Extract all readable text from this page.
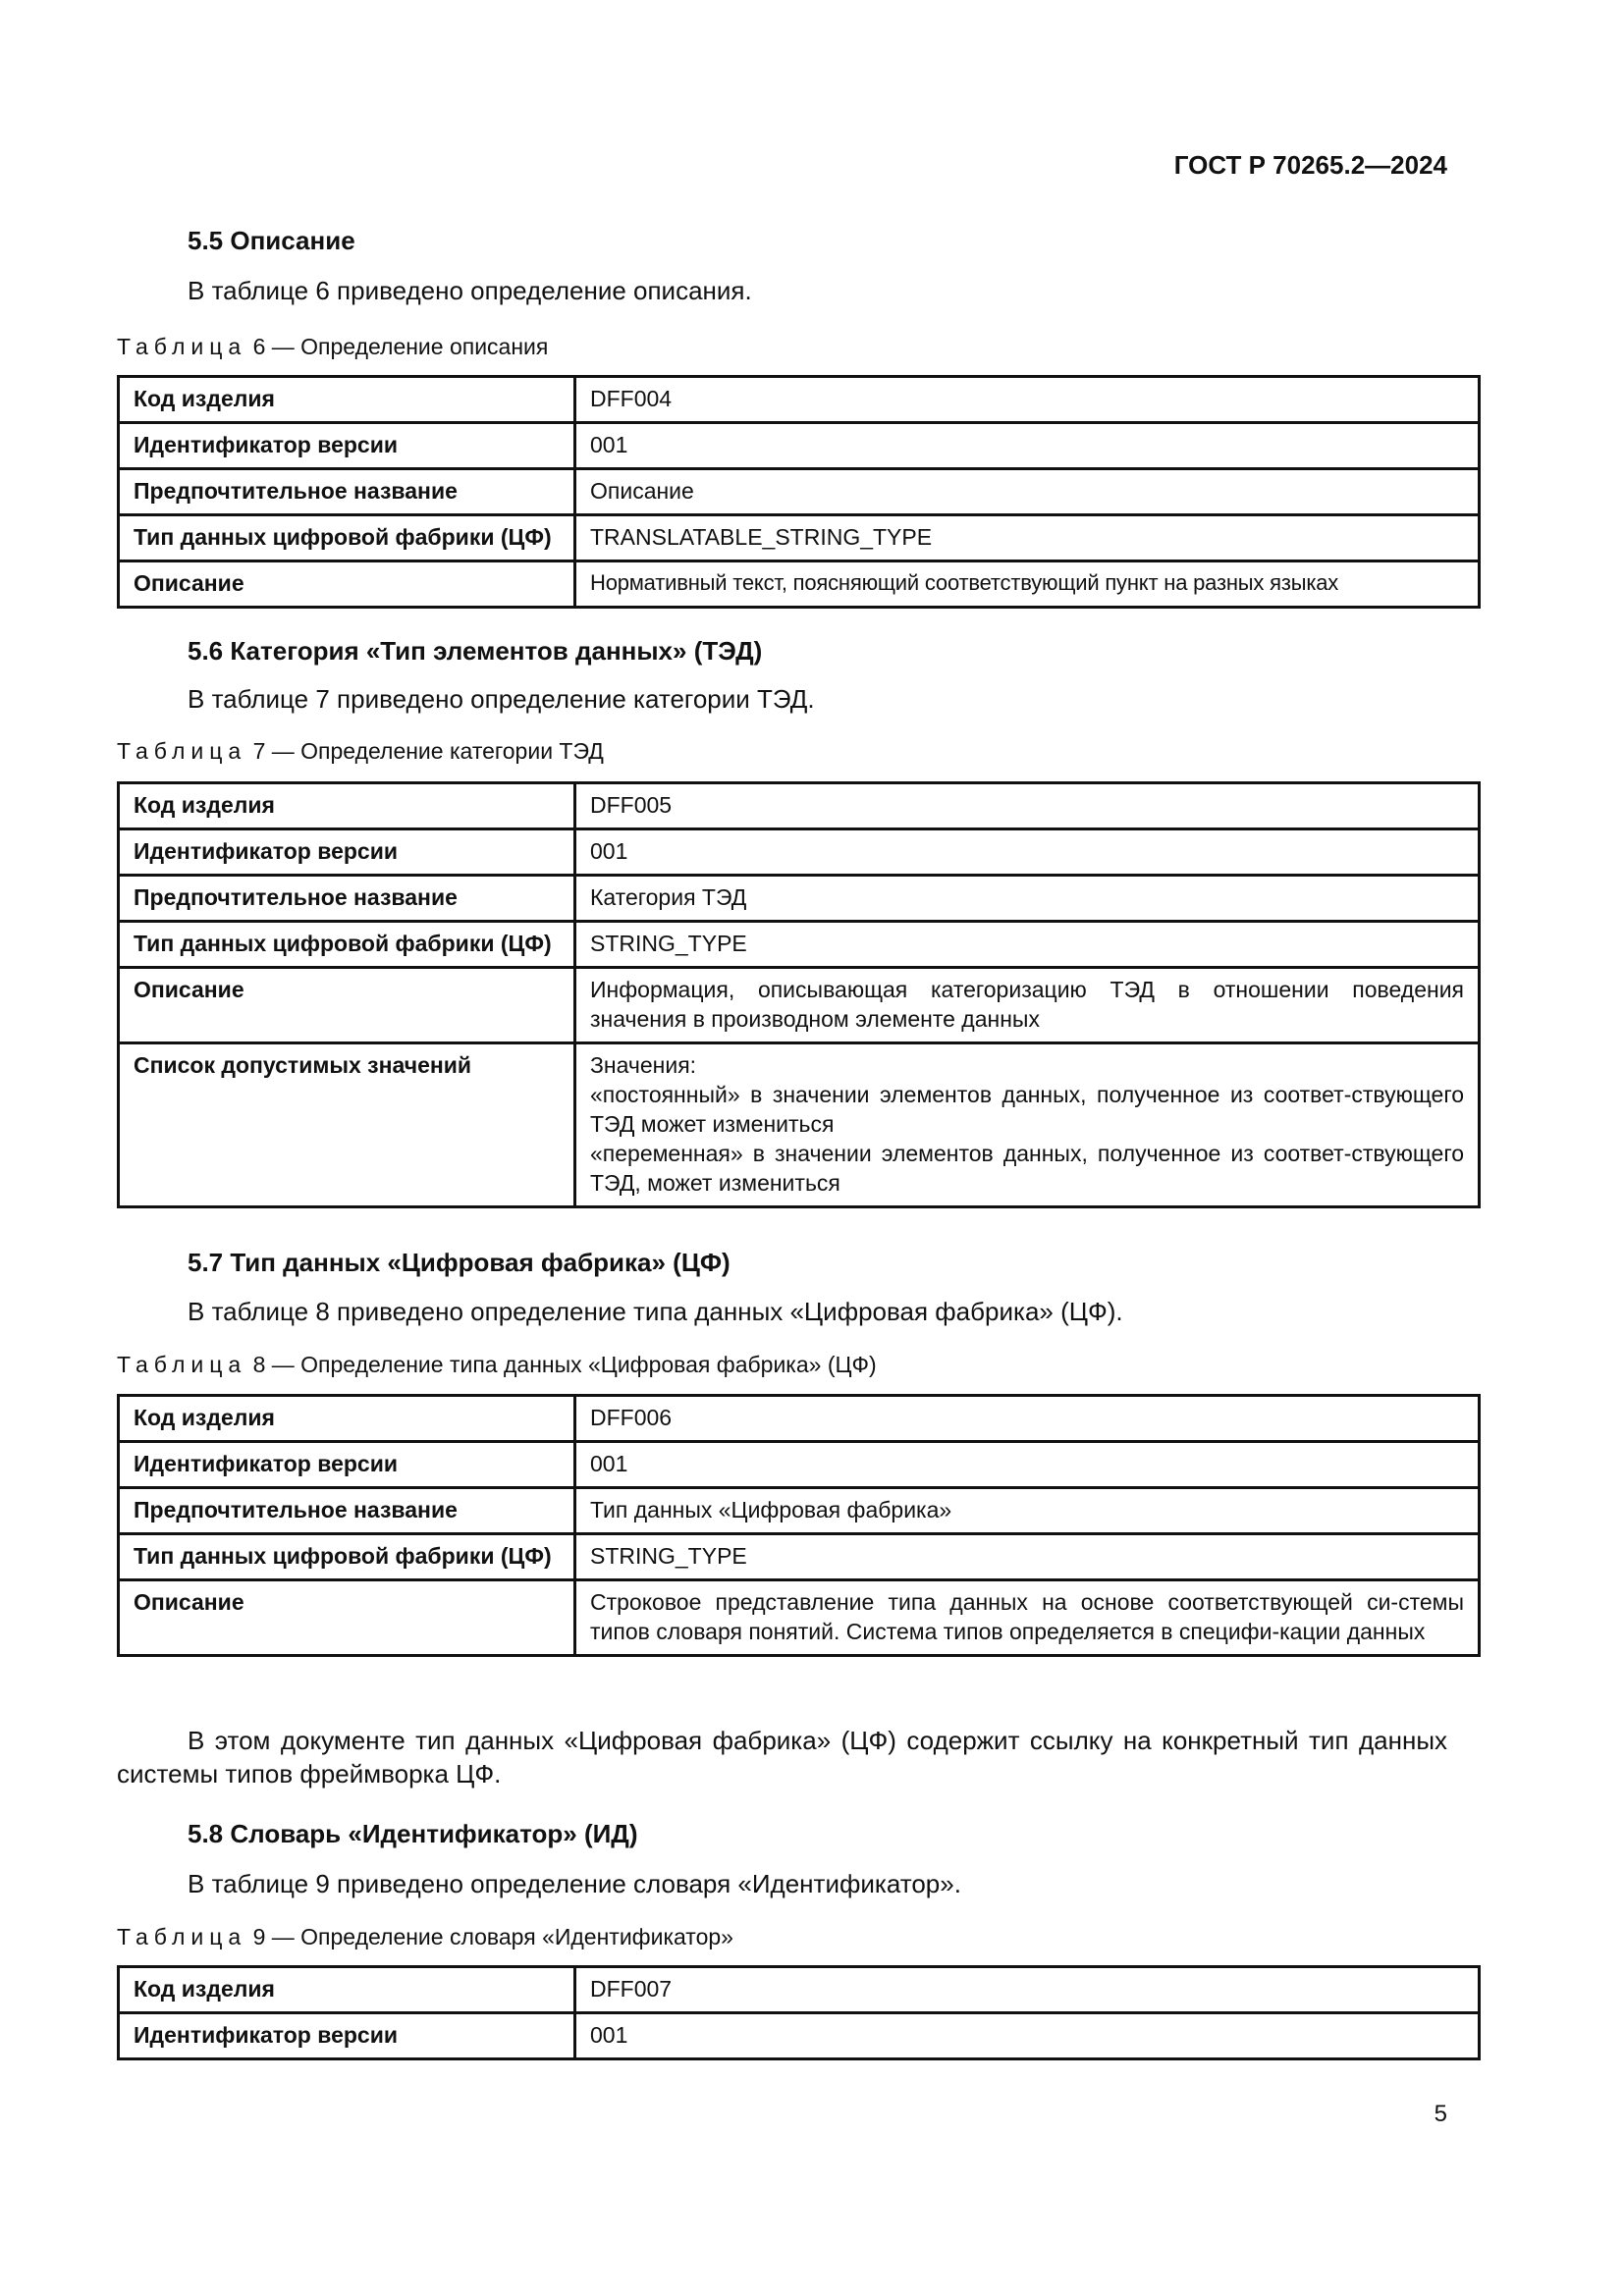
ГОСТ Р 70265.2—2024
5.5 Описание
В таблице 6 приведено определение описания.
Таблица 6 — Определение описания
Код изделия	DFF004
Идентификатор версии	001
Предпочтительное название	Описание
Тип данных цифровой фабрики (ЦФ)	TRANSLATABLE_STRING_TYPE
Описание	Нормативный текст, поясняющий соответствующий пункт на разных языках
5.6 Категория «Тип элементов данных» (ТЭД)
В таблице 7 приведено определение категории ТЭД.
Таблица 7 — Определение категории ТЭД
Код изделия	DFF005
Идентификатор версии	001
Предпочтительное название	Категория ТЭД
Тип данных цифровой фабрики (ЦФ)	STRING_TYPE
Описание	Информация, описывающая категоризацию ТЭД в отношении поведения значения в производном элементе данных
Список допустимых значений	Значения:
«постоянный» в значении элементов данных, полученное из соответ-ствующего ТЭД может измениться
«переменная» в значении элементов данных, полученное из соответ-ствующего ТЭД, может измениться
5.7 Тип данных «Цифровая фабрика» (ЦФ)
В таблице 8 приведено определение типа данных «Цифровая фабрика» (ЦФ).
Таблица 8 — Определение типа данных «Цифровая фабрика» (ЦФ)
Код изделия	DFF006
Идентификатор версии	001
Предпочтительное название	Тип данных «Цифровая фабрика»
Тип данных цифровой фабрики (ЦФ)	STRING_TYPE
Описание	Строковое представление типа данных на основе соответствующей си-стемы типов словаря понятий. Система типов определяется в специфи-кации данных
В этом документе тип данных «Цифровая фабрика» (ЦФ) содержит ссылку на конкретный тип данных системы типов фреймворка ЦФ.
5.8 Словарь «Идентификатор» (ИД)
В таблице 9 приведено определение словаря «Идентификатор».
Таблица 9 — Определение словаря «Идентификатор»
Код изделия	DFF007
Идентификатор версии	001
5
